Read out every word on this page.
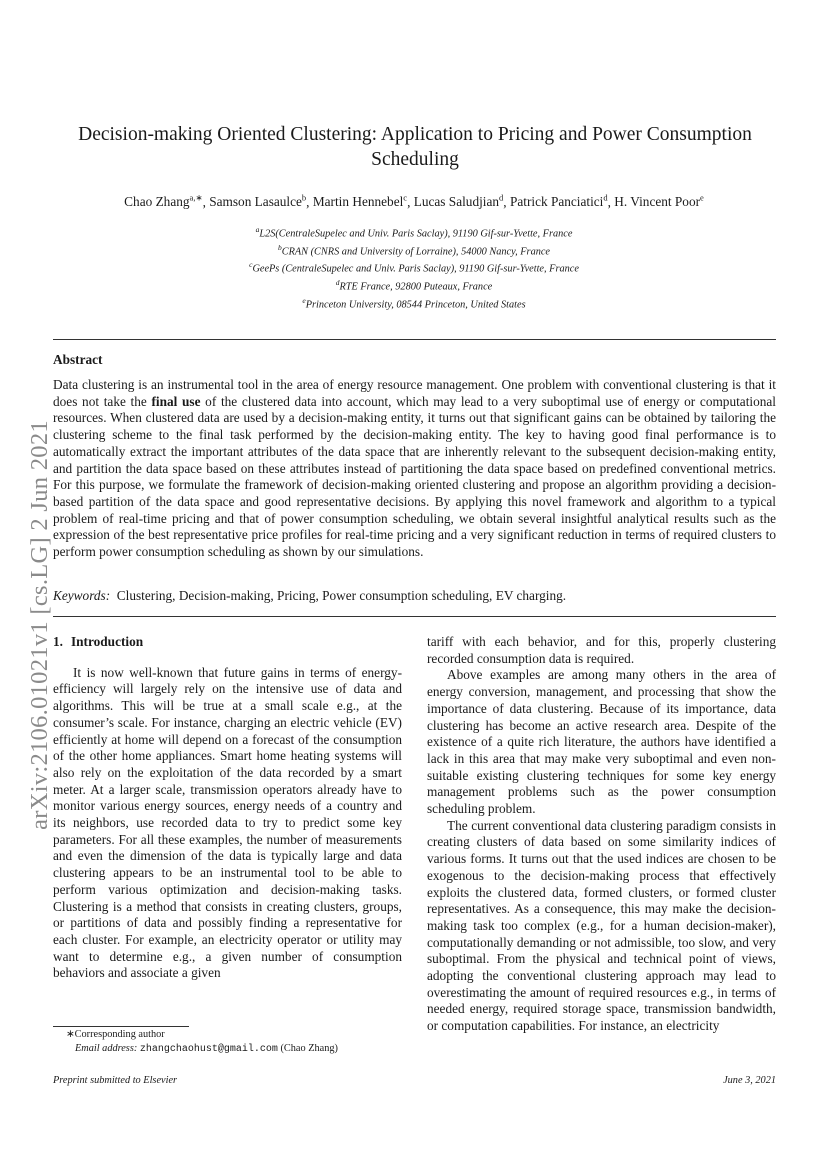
arXiv:2106.01021v1 [cs.LG] 2 Jun 2021
Decision-making Oriented Clustering: Application to Pricing and Power Consumption Scheduling
Chao Zhang$^{a,∗}$, Samson Lasaulce$^b$, Martin Hennebel$^c$, Lucas Saludjian$^d$, Patrick Panciatici$^d$, H. Vincent Poor$^e$
$^a$L2S(CentraleSupelec and Univ. Paris Saclay), 91190 Gif-sur-Yvette, France
$^b$CRAN (CNRS and University of Lorraine), 54000 Nancy, France
$^c$GeePs (CentraleSupelec and Univ. Paris Saclay), 91190 Gif-sur-Yvette, France
$^d$RTE France, 92800 Puteaux, France
$^e$Princeton University, 08544 Princeton, United States
Abstract
Data clustering is an instrumental tool in the area of energy resource management. One problem with conventional clustering is that it does not take the final use of the clustered data into account, which may lead to a very suboptimal use of energy or computational resources. When clustered data are used by a decision-making entity, it turns out that significant gains can be obtained by tailoring the clustering scheme to the final task performed by the decision-making entity. The key to having good final performance is to automatically extract the important attributes of the data space that are inherently relevant to the subsequent decision-making entity, and partition the data space based on these attributes instead of partitioning the data space based on predefined conventional metrics. For this purpose, we formulate the framework of decision-making oriented clustering and propose an algorithm providing a decision-based partition of the data space and good representative decisions. By applying this novel framework and algorithm to a typical problem of real-time pricing and that of power consumption scheduling, we obtain several insightful analytical results such as the expression of the best representative price profiles for real-time pricing and a very significant reduction in terms of required clusters to perform power consumption scheduling as shown by our simulations.
Keywords: Clustering, Decision-making, Pricing, Power consumption scheduling, EV charging.
1. Introduction

It is now well-known that future gains in terms of energy-efficiency will largely rely on the intensive use of data and algorithms. This will be true at a small scale e.g., at the consumer’s scale. For instance, charging an electric vehicle (EV) efficiently at home will depend on a forecast of the consumption of the other home appliances. Smart home heating systems will also rely on the exploitation of the data recorded by a smart meter. At a larger scale, transmission operators already have to monitor various energy sources, energy needs of a country and its neighbors, use recorded data to try to predict some key parameters. For all these examples, the number of measurements and even the dimension of the data is typically large and data clustering appears to be an instrumental tool to be able to perform various optimization and decision-making tasks. Clustering is a method that consists in creating clusters, groups, or partitions of data and possibly finding a representative for each cluster. For example, an electricity operator or utility may want to determine e.g., a given number of consumption behaviors and associate a given

tariff with each behavior, and for this, properly clustering recorded consumption data is required.

Above examples are among many others in the area of energy conversion, management, and processing that show the importance of data clustering. Because of its importance, data clustering has become an active research area. Despite of the existence of a quite rich literature, the authors have identified a lack in this area that may make very suboptimal and even non-suitable existing clustering techniques for some key energy management problems such as the power consumption scheduling problem.

The current conventional data clustering paradigm consists in creating clusters of data based on some similarity indices of various forms. It turns out that the used indices are chosen to be exogenous to the decision-making process that effectively exploits the clustered data, formed clusters, or formed cluster representatives. As a consequence, this may make the decision-making task too complex (e.g., for a human decision-maker), computationally demanding or not admissible, too slow, and very suboptimal. From the physical and technical point of views, adopting the conventional clustering approach may lead to overestimating the amount of required resources e.g., in terms of needed energy, required storage space, transmission bandwidth, or computation capabilities. For instance, an electricity

∗Corresponding author
Email address: zhangchaohust@gmail.com (Chao Zhang)
Preprint submitted to Elsevier	June 3, 2021
